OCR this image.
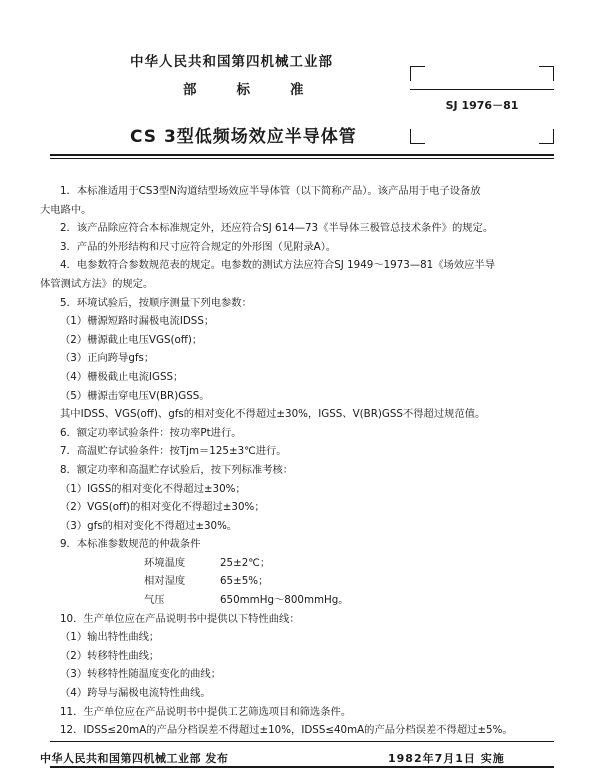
中华人民共和国第四机械工业部
部	标	准
SJ 1976－81
CS 3型低频场效应半导体管
1．本标准适用于CS3型N沟道结型场效应半导体管（以下简称产品）。该产品用于电子设备放
大电路中。
2．该产品除应符合本标准规定外，还应符合SJ 614—73《半导体三极管总技术条件》的规定。
3．产品的外形结构和尺寸应符合规定的外形图（见附录A）。
4．电参数符合参数规范表的规定。电参数的测试方法应符合SJ 1949～1973—81《场效应半导
体管测试方法》的规定。
5．环境试验后，按顺序测量下列电参数：
（1）栅源短路时漏极电流IDSS；
（2）栅源截止电压VGS(off)；
（3）正向跨导gfs；
（4）栅极截止电流IGSS；
（5）栅源击穿电压V(BR)GSS。
其中IDSS、VGS(off)、gfs的相对变化不得超过±30%，IGSS、V(BR)GSS不得超过规范值。
6．额定功率试验条件：按功率Pt进行。
7．高温贮存试验条件：按Tjm＝125±3℃进行。
8．额定功率和高温贮存试验后，按下列标准考核：
（1）IGSS的相对变化不得超过±30%；
（2）VGS(off)的相对变化不得超过±30%；
（3）gfs的相对变化不得超过±30%。
9．本标准参数规范的仲裁条件
环境温度	25±2℃；
相对湿度	65±5%；
气压	650mmHg～800mmHg。
10．生产单位应在产品说明书中提供以下特性曲线：
（1）输出特性曲线；
（2）转移特性曲线；
（3）转移特性随温度变化的曲线；
（4）跨导与漏极电流特性曲线。
11．生产单位应在产品说明书中提供工艺筛选项目和筛选条件。
12．IDSS≤20mA的产品分档误差不得超过±10%，IDSS≤40mA的产品分档误差不得超过±5%。
中华人民共和国第四机械工业部 发布	1982年7月1日 实施
